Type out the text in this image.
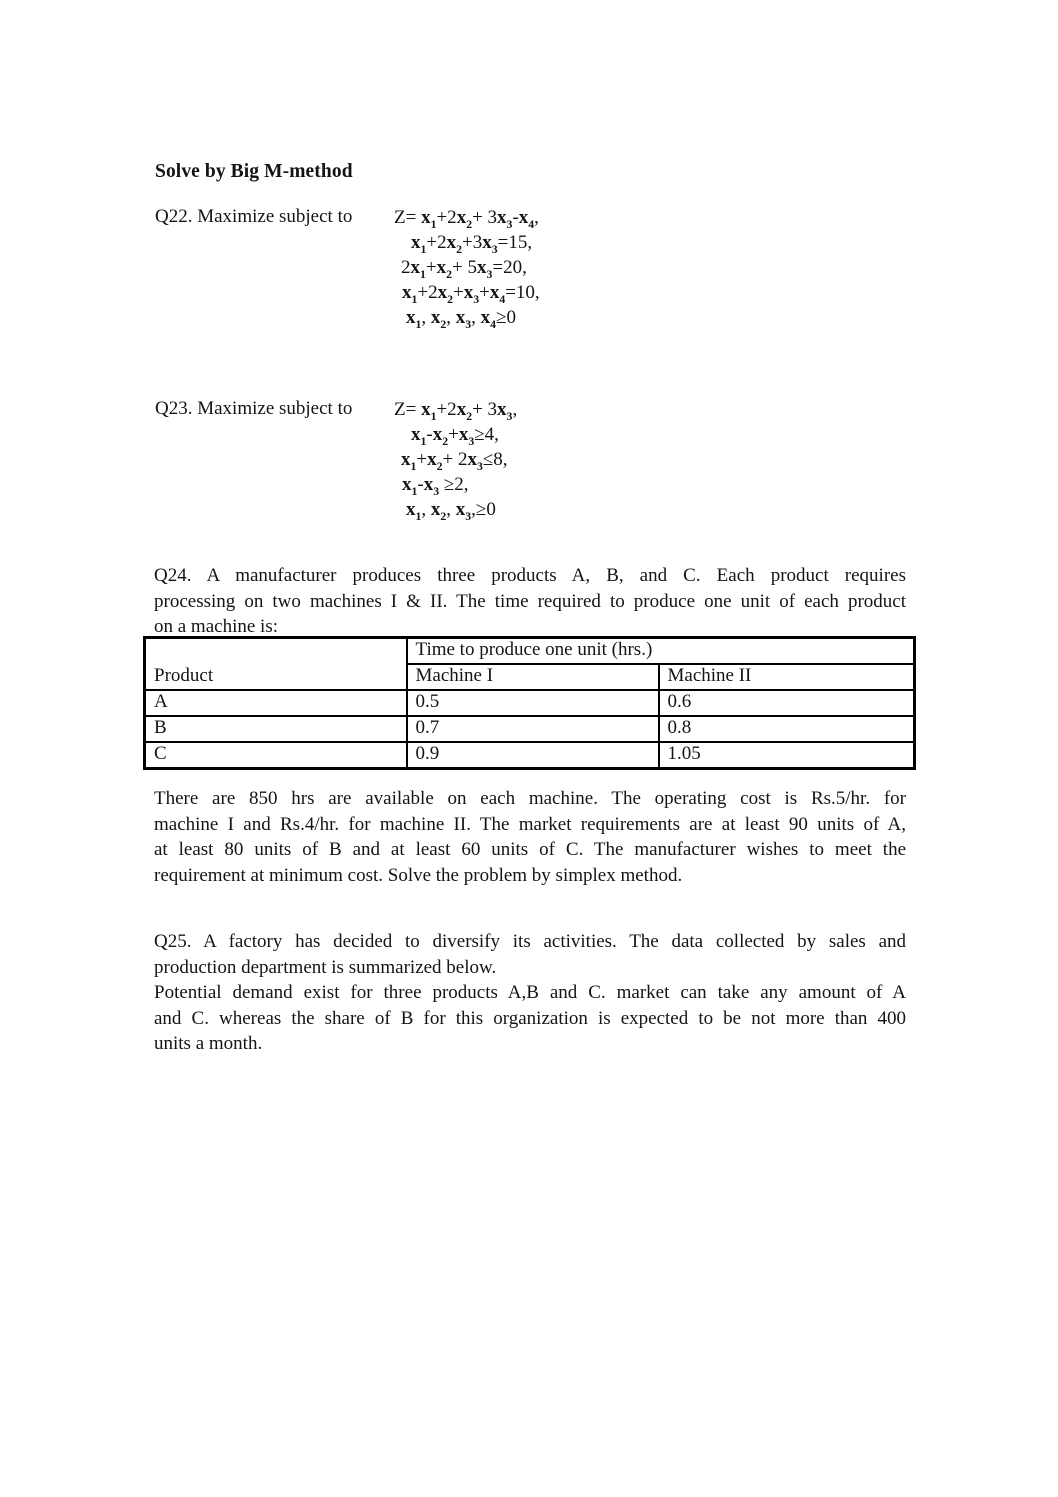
Solve by Big M-method
Q22. Maximize subject to $Z= x_1+2x_2+ 3x_3-x_4$,
$x_1+2x_2+3x_3=15$,
$2x_1+x_2+ 5x_3=20$,
$x_1+2x_2+x_3+x_4=10$,
$x_1$, $x_2$, $x_3$, $x_4\ge 0$
Q23. Maximize subject to $Z= x_1+2x_2+ 3x_3$,
$x_1-x_2+x_3\ge 4$,
$x_1+x_2+ 2x_3\le 8$,
$x_1-x_3 \ge 2$,
$x_1$, $x_2$, $x_3,\ge 0$
Q24. A manufacturer produces three products A, B, and C. Each product requires
processing on two machines I & II. The time required to produce one unit of each product
on a machine is:
Product	Time to produce one unit (hrs.)	
	Machine I	Machine II
A	0.5	0.6
B	0.7	0.8
C	0.9	1.05
There are 850 hrs are available on each machine. The operating cost is Rs.5/hr. for
machine I and Rs.4/hr. for machine II. The market requirements are at least 90 units of A,
at least 80 units of B and at least 60 units of C. The manufacturer wishes to meet the
requirement at minimum cost. Solve the problem by simplex method.
Q25. A factory has decided to diversify its activities. The data collected by sales and
production department is summarized below.
Potential demand exist for three products A,B and C. market can take any amount of A
and C. whereas the share of B for this organization is expected to be not more than 400
units a month.
